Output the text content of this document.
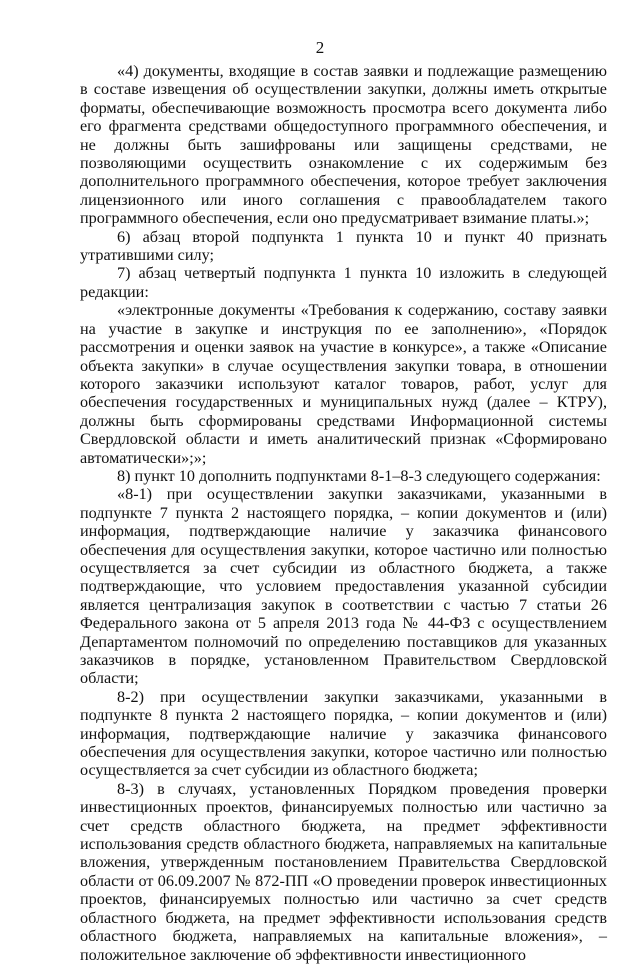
2

«4) документы, входящие в состав заявки и подлежащие размещению в составе извещения об осуществлении закупки, должны иметь открытые форматы, обеспечивающие возможность просмотра всего документа либо его фрагмента средствами общедоступного программного обеспечения, и не должны быть зашифрованы или защищены средствами, не позволяющими осуществить ознакомление с их содержимым без дополнительного программного обеспечения, которое требует заключения лицензионного или иного соглашения с правообладателем такого программного обеспечения, если оно предусматривает взимание платы.»;

6) абзац второй подпункта 1 пункта 10 и пункт 40 признать утратившими силу;

7) абзац четвертый подпункта 1 пункта 10 изложить в следующей редакции:

«электронные документы «Требования к содержанию, составу заявки на участие в закупке и инструкция по ее заполнению», «Порядок рассмотрения и оценки заявок на участие в конкурсе», а также «Описание объекта закупки» в случае осуществления закупки товара, в отношении которого заказчики используют каталог товаров, работ, услуг для обеспечения государственных и муниципальных нужд (далее – КТРУ), должны быть сформированы средствами Информационной системы Свердловской области и иметь аналитический признак «Сформировано автоматически»;»;

8) пункт 10 дополнить подпунктами 8-1–8-3 следующего содержания:

«8-1) при осуществлении закупки заказчиками, указанными в подпункте 7 пункта 2 настоящего порядка, – копии документов и (или) информация, подтверждающие наличие у заказчика финансового обеспечения для осуществления закупки, которое частично или полностью осуществляется за счет субсидии из областного бюджета, а также подтверждающие, что условием предоставления указанной субсидии является централизация закупок в соответствии с частью 7 статьи 26 Федерального закона от 5 апреля 2013 года № 44-ФЗ с осуществлением Департаментом полномочий по определению поставщиков для указанных заказчиков в порядке, установленном Правительством Свердловской области;

8-2) при осуществлении закупки заказчиками, указанными в подпункте 8 пункта 2 настоящего порядка, – копии документов и (или) информация, подтверждающие наличие у заказчика финансового обеспечения для осуществления закупки, которое частично или полностью осуществляется за счет субсидии из областного бюджета;

8-3) в случаях, установленных Порядком проведения проверки инвестиционных проектов, финансируемых полностью или частично за счет средств областного бюджета, на предмет эффективности использования средств областного бюджета, направляемых на капитальные вложения, утвержденным постановлением Правительства Свердловской области от 06.09.2007 № 872-ПП «О проведении проверок инвестиционных проектов, финансируемых полностью или частично за счет средств областного бюджета, на предмет эффективности использования средств областного бюджета, направляемых на капитальные вложения», – положительное заключение об эффективности инвестиционного
